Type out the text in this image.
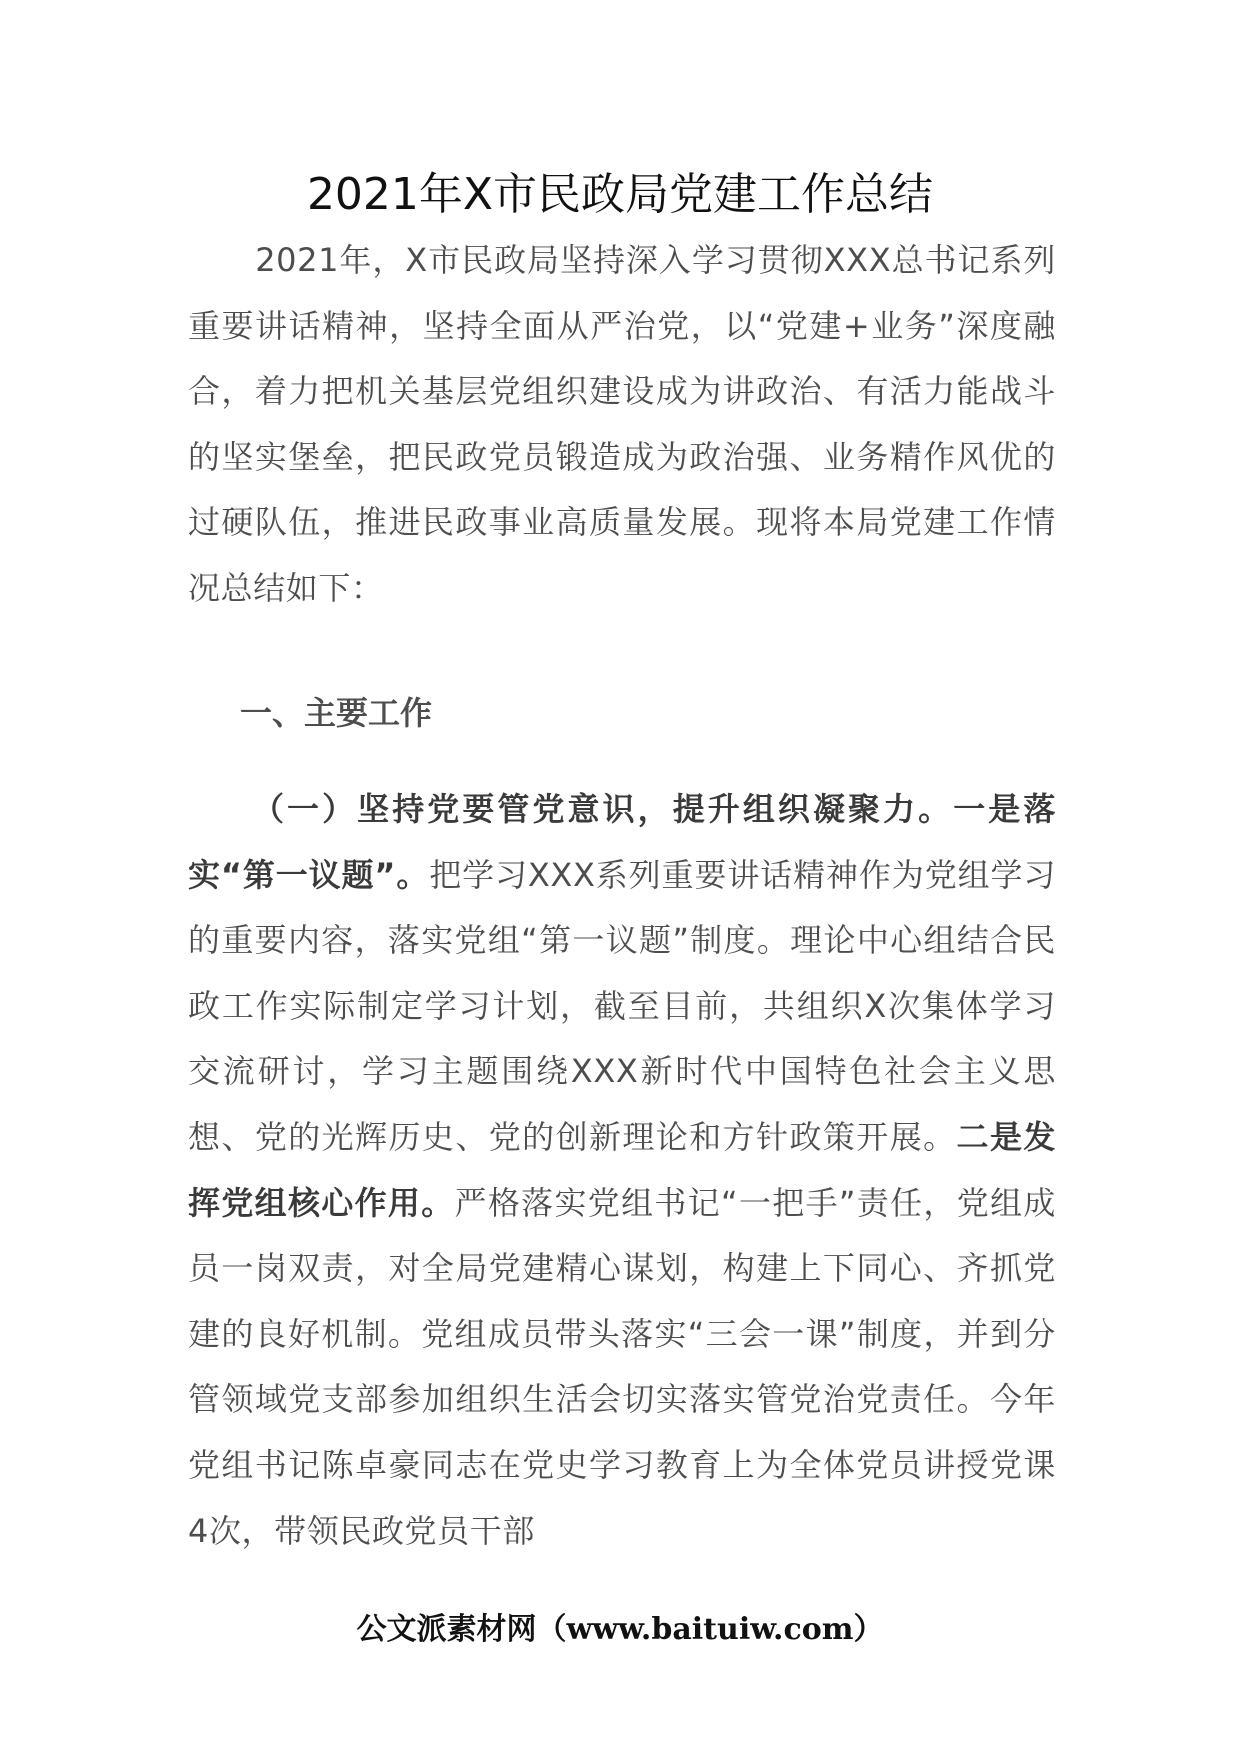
2021年X市民政局党建工作总结

2021年，X市民政局坚持深入学习贯彻XXX总书记系列重要讲话精神，坚持全面从严治党，以“党建+业务”深度融合，着力把机关基层党组织建设成为讲政治、有活力能战斗的坚实堡垒，把民政党员锻造成为政治强、业务精作风优的过硬队伍，推进民政事业高质量发展。现将本局党建工作情况总结如下：

一、主要工作

（一）坚持党要管党意识，提升组织凝聚力。一是落实“第一议题”。把学习XXX系列重要讲话精神作为党组学习的重要内容，落实党组“第一议题”制度。理论中心组结合民政工作实际制定学习计划，截至目前，共组织X次集体学习交流研讨，学习主题围绕XXX新时代中国特色社会主义思想、党的光辉历史、党的创新理论和方针政策开展。二是发挥党组核心作用。严格落实党组书记“一把手”责任，党组成员一岗双责，对全局党建精心谋划，构建上下同心、齐抓党建的良好机制。党组成员带头落实“三会一课”制度，并到分管领域党支部参加组织生活会切实落实管党治党责任。今年党组书记陈卓豪同志在党史学习教育上为全体党员讲授党课4次，带领民政党员干部

公文派素材网（www.baituiw.com）
